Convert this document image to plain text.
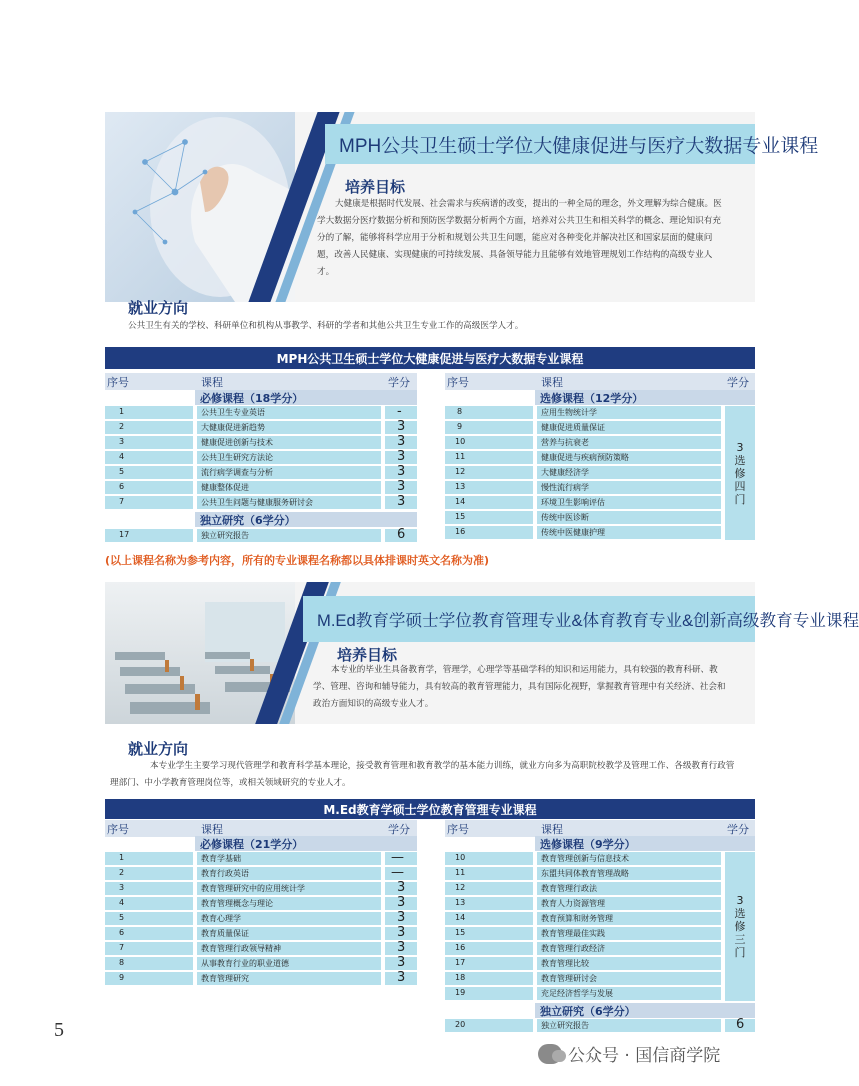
MPH公共卫生硕士学位大健康促进与医疗大数据专业课程
培养目标
大健康是根据时代发展、社会需求与疾病谱的改变，提出的一种全局的理念，外文理解为综合健康。医学大数据分医疗数据分析和预防医学数据分析两个方面，培养对公共卫生和相关科学的概念、理论知识有充分的了解，能够将科学应用于分析和规划公共卫生问题，能应对各种变化并解决社区和国家层面的健康问题，改善人民健康、实现健康的可持续发展、具备领导能力且能够有效地管理规划工作结构的高级专业人才。
就业方向
公共卫生有关的学校、科研单位和机构从事教学、科研的学者和其他公共卫生专业工作的高级医学人才。
MPH公共卫生硕士学位大健康促进与医疗大数据专业课程
序号	课程	学分	序号	课程	学分
必修课程（18学分）
1	公共卫生专业英语	-
2	大健康促进新趋势	3
3	健康促进创新与技术	3
4	公共卫生研究方法论	3
5	流行病学调查与分析	3
6	健康整体促进	3
7	公共卫生问题与健康服务研讨会	3
独立研究（6学分）
17	独立研究报告	6
选修课程（12学分）
8	应用生物统计学
9	健康促进质量保证
10	营养与抗衰老
11	健康促进与疾病预防策略
12	大健康经济学
13	慢性流行病学
14	环境卫生影响评估
15	传统中医诊断
16	传统中医健康护理
3
选
修
四
门
(以上课程名称为参考内容，所有的专业课程名称都以具体排课时英文名称为准)
M.Ed教育学硕士学位教育管理专业&体育教育专业&创新高级教育专业课程
培养目标
本专业的毕业生具备教育学，管理学，心理学等基础学科的知识和运用能力，具有较强的教育科研、教学、管理、咨询和辅导能力，具有较高的教育管理能力，具有国际化视野，掌握教育管理中有关经济、社会和政治方面知识的高级专业人才。
就业方向
本专业学生主要学习现代管理学和教育科学基本理论，接受教育管理和教育教学的基本能力训练，就业方向多为高职院校教学及管理工作、各级教育行政管理部门、中小学教育管理岗位等，或相关领域研究的专业人才。
M.Ed教育学硕士学位教育管理专业课程
序号	课程	学分	序号	课程	学分
必修课程（21学分）
1	教育学基础	—
2	教育行政英语	—
3	教育管理研究中的应用统计学	3
4	教育管理概念与理论	3
5	教育心理学	3
6	教育质量保证	3
7	教育管理行政领导精神	3
8	从事教育行业的职业道德	3
9	教育管理研究	3
选修课程（9学分）
10	教育管理创新与信息技术
11	东盟共同体教育管理战略
12	教育管理行政法
13	教育人力资源管理
14	教育预算和财务管理
15	教育管理最佳实践
16	教育管理行政经济
17	教育管理比较
18	教育管理研讨会
19	充足经济哲学与发展
3
选
修
三
门
独立研究（6学分）
20	独立研究报告	6
5
公众号 · 国信商学院
